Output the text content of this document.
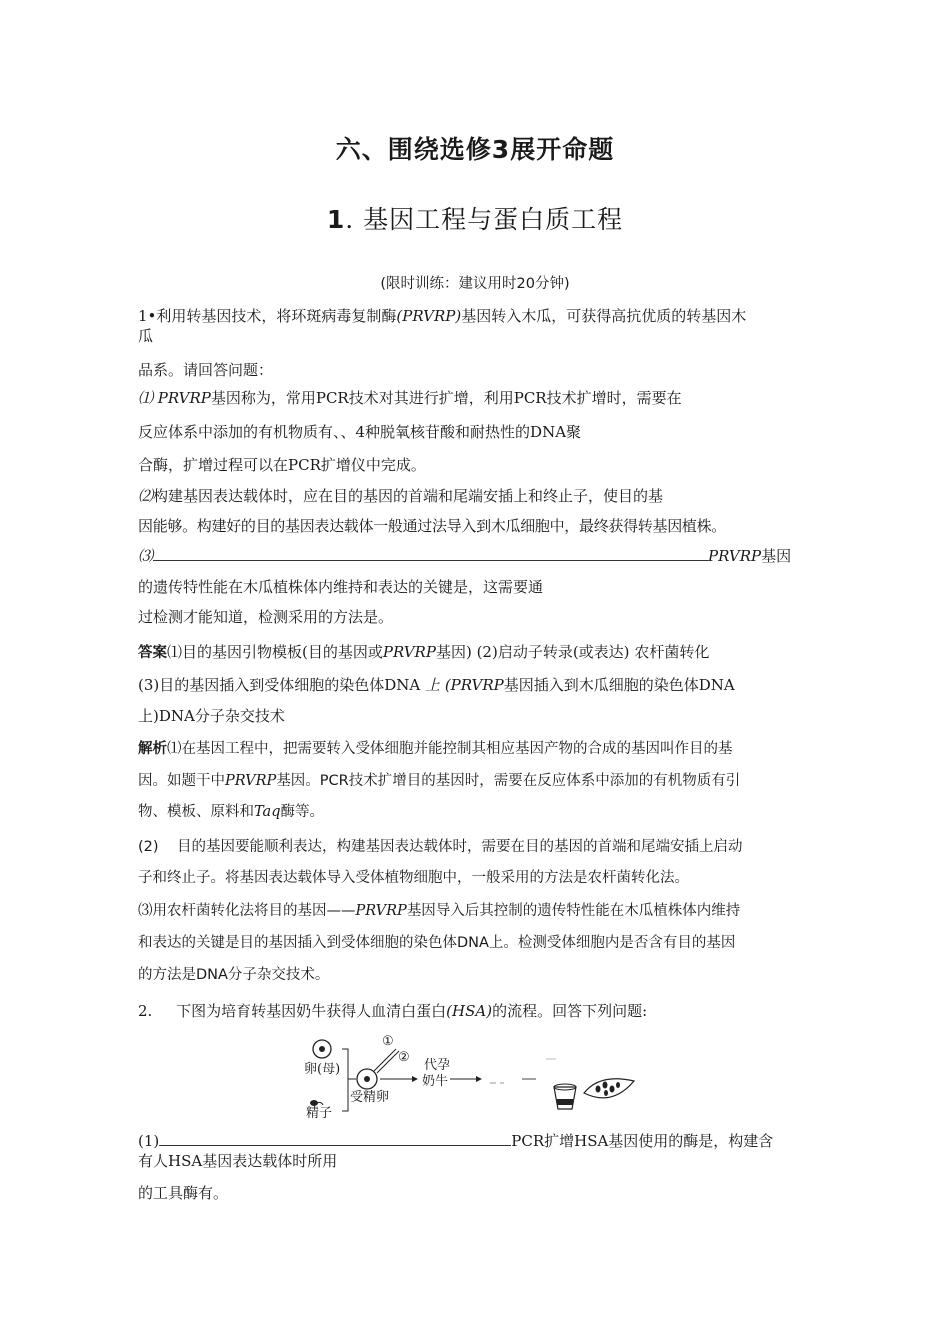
六、围绕选修3展开命题
1. 基因工程与蛋白质工程
(限时训练：建议用时20分钟)
1•利用转基因技术，将环斑病毒复制酶(PRVRP)基因转入木瓜，可获得高抗优质的转基因木
瓜
品系。请回答问题：
⑴ PRVRP基因称为，常用PCR技术对其进行扩增，利用PCR技术扩增时，需要在
反应体系中添加的有机物质有、、4种脱氧核苷酸和耐热性的DNA聚
合酶，扩增过程可以在PCR扩增仪中完成。
⑵构建基因表达载体时，应在目的基因的首端和尾端安插上和终止子，使目的基
因能够。构建好的目的基因表达载体一般通过法导入到木瓜细胞中，最终获得转基因植株。
⑶	PRVRP基因
的遗传特性能在木瓜植株体内维持和表达的关键是，这需要通
过检测才能知道，检测采用的方法是。
答案⑴目的基因引物模板(目的基因或PRVRP基因) (2)启动子转录(或表达) 农杆菌转化
(3)目的基因插入到受体细胞的染色体DNA 上 (PRVRP基因插入到木瓜细胞的染色体DNA
上)DNA分子杂交技术
解析⑴在基因工程中，把需要转入受体细胞并能控制其相应基因产物的合成的基因叫作目的基
因。如题干中PRVRP基因。PCR技术扩增目的基因时，需要在反应体系中添加的有机物质有引
物、模板、原料和Taq酶等。
(2) 目的基因要能顺利表达，构建基因表达载体时，需要在目的基因的首端和尾端安插上启动
子和终止子。将基因表达载体导入受体植物细胞中，一般采用的方法是农杆菌转化法。
⑶用农杆菌转化法将目的基因——PRVRP基因导入后其控制的遗传特性能在木瓜植株体内维持
和表达的关键是目的基因插入到受体细胞的染色体DNA上。检测受体细胞内是否含有目的基因
的方法是DNA分子杂交技术。
2. 下图为培育转基因奶牛获得人血清白蛋白(HSA)的流程。回答下列问题:
卵(母)
精子
受精卵
①
②
代孕
奶牛
(1)	PCR扩增HSA基因使用的酶是，构建含
有人HSA基因表达载体时所用
的工具酶有。
